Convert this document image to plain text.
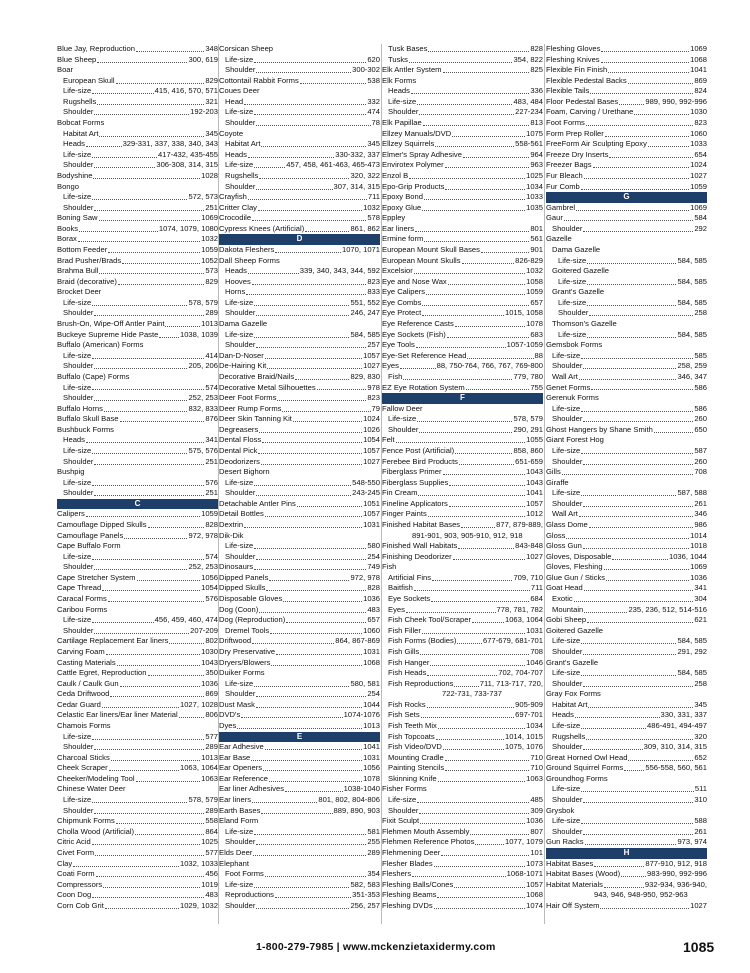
Blue Jay, Reproduction	348
Blue Sheep	300, 619
Boar
European Skull	829
Life-size	415, 416, 570, 571
Rugshells	321
Shoulder	192-203
Bobcat Forms
Habitat Art	345
Heads	329-331, 337, 338, 340, 343
Life-size	417-432, 435-455
Shoulder	306-308, 314, 315
Bodyshine	1028
Bongo
Life-size	572, 573
Shoulder	251
Boning Saw	1069
Books	1074, 1079, 1080
Borax	1032
Bottom Feeder	1059
Brad Pusher/Brads	1052
Brahma Bull	573
Braid (decorative)	829
Brocket Deer
Life-size	578, 579
Shoulder	289
Brush-On, Wipe-Off Antler Paint	1013
Buckeye Supreme Hide Paste	1038, 1039
Buffalo (American) Forms
Life-size	414
Shoulder	205, 206
Buffalo (Cape) Forms
Life-size	574
Shoulder	252, 253
Buffalo Horns	832, 833
Buffalo Skull Base	876
Bushbuck Forms
Heads	341
Life-size	575, 576
Shoulder	251
Bushpig
Life-size	576
Shoulder	251
C
Calipers	1059
Camouflage Dipped Skulls	828
Camouflage Panels	972, 978
Cape Buffalo Form
Life-size	574
Shoulder	252, 253
Cape Stretcher System	1056
Cape Thread	1054
Caracal Forms	576
Caribou Forms
Life-size	456, 459, 460, 474
Shoulder	207-209
Cartilage Replacement Ear liners	802
Carving Foam	1030
Casting Materials	1043
Cattle Egret, Reproduction	350
Caulk / Caulk Gun	1036
Ceda Driftwood	869
Cedar Guard	1027, 1028
Celastic Ear liners/Ear liner Material	806
Chamois Forms
Life-size	577
Shoulder	289
Charcoal Sticks	1013
Cheek Scraper	1063, 1064
Cheeker/Modeling Tool	1063
Chinese Water Deer
Life-size	578, 579
Shoulder	289
Chipmunk Forms	558
Cholla Wood (Artificial)	864
Citric Acid	1025
Civet Form	577
Clay	1032, 1033
Coati Form	456
Compressors	1019
Coon Dog	483
Corn Cob Grit	1029, 1032
Corsican Sheep
Life-size	620
Shoulder	300-302
Cottontail Rabbit Forms	538
Coues Deer
Head	332
Life-size	474
Shoulder	78
Coyote
Habitat Art	345
Heads	330-332, 337
Life-size	457, 458, 461-463, 465-473
Rugshells	320, 322
Shoulder	307, 314, 315
Crayfish	711
Critter Clay	1032
Crocodile	578
Cypress Knees (Artificial)	861, 862
D
Dakota Fleshers	1070, 1071
Dall Sheep Forms
Heads	339, 340, 343, 344, 592
Hooves	823
Horns	833
Life-size	551, 552
Shoulder	246, 247
Dama Gazelle
Life-size	584, 585
Shoulder	257
Dan-D-Noser	1057
De-Hairing Kit	1027
Decorative Braid/Nails	829, 830
Decorative Metal Silhouettes	978
Deer Foot Forms	823
Deer Rump Forms	79
Deer Skin Tanning Kit	1024
Degreasers	1026
Dental Floss	1054
Dental Pick	1057
Deodorizers	1027
Desert Bighorn
Life-size	548-550
Shoulder	243-245
Detachable Antler Pins	1051
Detail Bottles	1057
Dextrin	1031
Dik-Dik
Life-size	580
Shoulder	254
Dinosaurs	749
Dipped Panels	972, 978
Dipped Skulls	828
Disposable Gloves	1036
Dog (Coon)	483
Dog (Reproduction)	657
Dremel Tools	1060
Driftwood	864, 867-869
Dry Preservative	1031
Dryers/Blowers	1068
Duiker Forms
Life-size	580, 581
Shoulder	254
Dust Mask	1044
DVD's	1074-1076
Dyes	1013
E
Ear Adhesive	1041
Ear Base	1031
Ear Openers	1056
Ear Reference	1078
Ear liner Adhesives	1038-1040
Ear liners	801, 802, 804-806
Earth Bases	889, 890, 903
Eland Form
Life-size	581
Shoulder	255
Elds Deer	289
Elephant
Foot Forms	354
Life-size	582, 583
Reproductions	351-353
Shoulder	256, 257
Tusk Bases	828
Tusks	354, 822
Elk Antler System	825
Elk Forms
Heads	336
Life-size	483, 484
Shoulder	227-234
Elk Papillae	813
Ellzey Manuals/DVD	1075
Ellzey Squirrels	558-561
Elmer's Spray Adhesive	964
Envirotex Polymer	963
Enzol B	1025
Epo-Grip Products	1034
Epoxy Bond	1033
Epoxy Glue	1035
Eppley
Ear liners	801
Ermine form	561
European Mount Skull Bases	901
European Mount Skulls	826-829
Excelsior	1032
Eye and Nose Wax	1058
Eye Calipers	1059
Eye Combs	657
Eye Protect	1015, 1058
Eye Reference Casts	1078
Eye Sockets (Fish)	683
Eye Tools	1057-1059
Eye-Set Reference Head	88
Eyes	88, 750-764, 766, 767, 769-800
Fish	779, 780
EZ Eye Rotation System	755
F
Fallow Deer
Life-size	578, 579
Shoulder	290, 291
Felt	1055
Fence Post (Artificial)	858, 860
Ferebee Bird Products	651-659
Fiberglass Primer	1043
Fiberglass Supplies	1043
Fin Cream	1041
Fineline Applicators	1057
Finger Paints	1012
Finished Habitat Bases	877, 879-889,
891-901, 903, 905-910, 912, 918
Finished Wall Habitats	843-848
Finishing Deodorizer	1027
Fish
Artificial Fins	709, 710
Baitfish	711
Eye Sockets	684
Eyes	778, 781, 782
Fish Cheek Tool/Scraper	1063, 1064
Fish Filler	1031
Fish Forms (Bodies)	677-679, 681-701
Fish Gills	708
Fish Hanger	1046
Fish Heads	702, 704-707
Fish Reproductions	711, 713-717, 720,
722-731, 733-737
Fish Rocks	905-909
Fish Sets	697-701
Fish Teeth Mix	1034
Fish Topcoats	1014, 1015
Fish Video/DVD	1075, 1076
Mounting Cradle	710
Painting Stencils	710
Skinning Knife	1063
Fisher Forms
Life-size	485
Shoulder	309
Fixit Sculpt	1036
Flehmen Mouth Assembly	807
Flehmen Reference Photos	1077, 1079
Flehmening Deer	101
Flesher Blades	1073
Fleshers	1068-1071
Fleshing Balls/Cones	1057
Fleshing Beams	1068
Fleshing DVDs	1074
Fleshing Gloves	1069
Fleshing Knives	1068
Flexible Fin Finish	1041
Flexible Pedestal Backs	869
Flexible Tails	824
Floor Pedestal Bases	989, 990, 992-996
Foam, Carving / Urethane	1030
Foot Forms	823
Form Prep Roller	1060
FreeForm Air Sculpting Epoxy	1033
Freeze Dry Inserts	654
Freezer Bags	1024
Fur Bleach	1027
Fur Comb	1059
G
Gambrel	1069
Gaur	584
Shoulder	292
Gazelle
Dama Gazelle
Life-size	584, 585
Goitered Gazelle
Life-size	584, 585
Grant's Gazelle
Life-size	584, 585
Shoulder	258
Thomson's Gazelle
Life-size	584, 585
Gemsbok Forms
Life-size	585
Shoulder	258, 259
Wall Art	346, 347
Genet Forms	586
Gerenuk Forms
Life-size	586
Shoulder	260
Ghost Hangers by Shane Smith	650
Giant Forest Hog
Life-size	587
Shoulder	260
Gills	708
Giraffe
Life-size	587, 588
Shoulder	261
Wall Art	346
Glass Dome	986
Gloss	1014
Gloss Gun	1018
Gloves, Disposable	1036, 1044
Gloves, Fleshing	1069
Glue Gun / Sticks	1036
Goat Head	341
Exotic	304
Mountain	235, 236, 512, 514-516
Gobi Sheep	621
Goitered Gazelle
Life-size	584, 585
Shoulder	291, 292
Grant's Gazelle
Life-size	584, 585
Shoulder	258
Gray Fox Forms
Habitat Art	345
Heads	330, 331, 337
Life-size	486-491, 494-497
Rugshells	320
Shoulder	309, 310, 314, 315
Great Horned Owl Head	652
Ground Squirrel Forms	556-558, 560, 561
Groundhog Forms
Life-size	511
Shoulder	310
Grysbok
Life-size	588
Shoulder	261
Gun Racks	973, 974
H
Habitat Bases	877-910, 912, 918
Habitat Bases (Wood)	983-990, 992-996
Habitat Materials	932-934, 936-940,
943, 946, 948-950, 952-963
Hair Off System	1027
1-800-279-7985 | www.mckenzietaxidermy.com	1085
